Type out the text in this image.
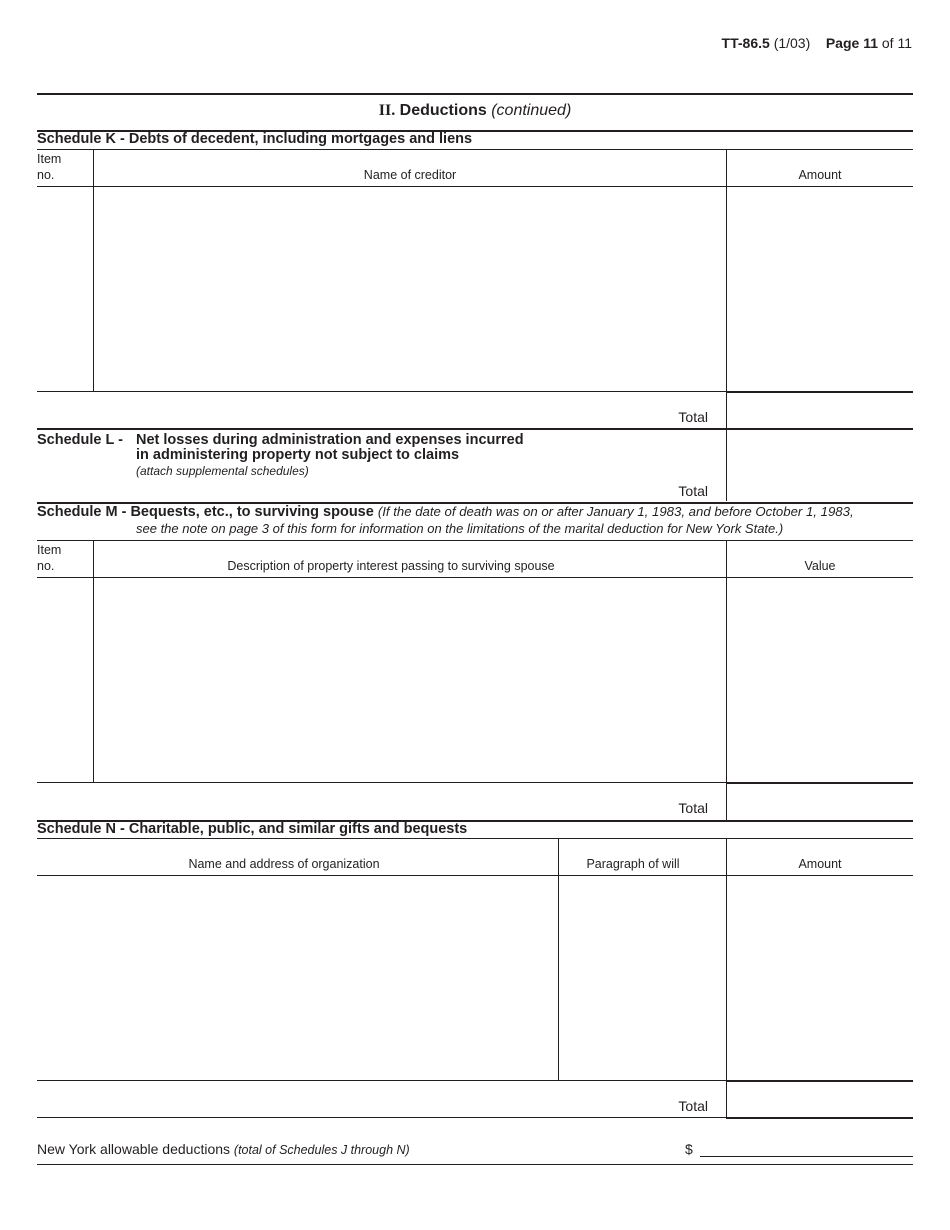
TT-86.5 (1/03) Page 11 of 11
II. Deductions (continued)
Schedule K - Debts of decedent, including mortgages and liens
Item
no.	Name of creditor	Amount
Total
Schedule L - Net losses during administration and expenses incurred
in administering property not subject to claims
(attach supplemental schedules)
Total
Schedule M - Bequests, etc., to surviving spouse (If the date of death was on or after January 1, 1983, and before October 1, 1983,
see the note on page 3 of this form for information on the limitations of the marital deduction for New York State.)
Item
no.	Description of property interest passing to surviving spouse	Value
Total
Schedule N - Charitable, public, and similar gifts and bequests
Name and address of organization	Paragraph of will	Amount
Total
New York allowable deductions (total of Schedules J through N)	$
